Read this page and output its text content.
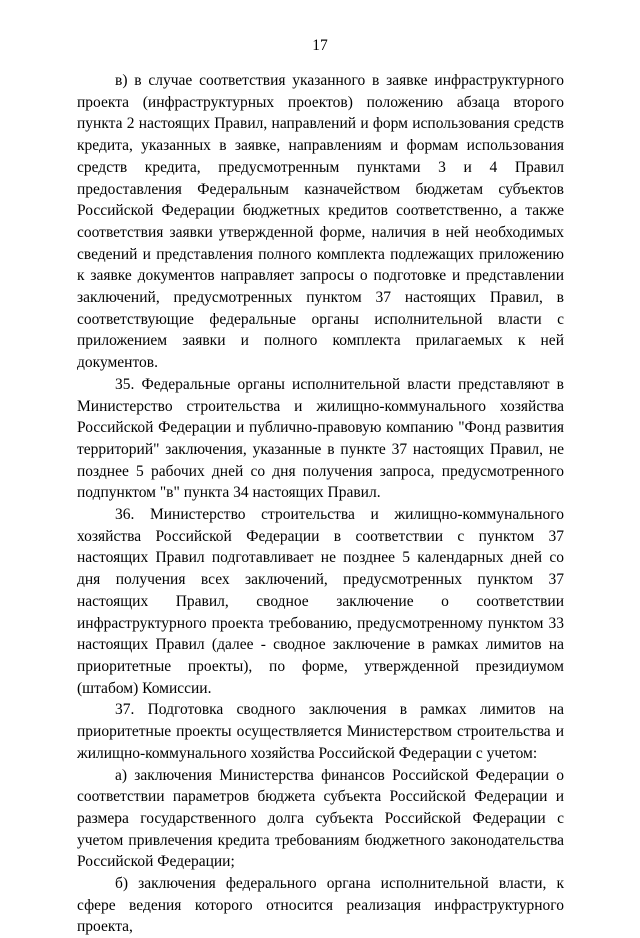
17

в) в случае соответствия указанного в заявке инфраструктурного проекта (инфраструктурных проектов) положению абзаца второго пункта 2 настоящих Правил, направлений и форм использования средств кредита, указанных в заявке, направлениям и формам использования средств кредита, предусмотренным пунктами 3 и 4 Правил предоставления Федеральным казначейством бюджетам субъектов Российской Федерации бюджетных кредитов соответственно, а также соответствия заявки утвержденной форме, наличия в ней необходимых сведений и представления полного комплекта подлежащих приложению к заявке документов направляет запросы о подготовке и представлении заключений, предусмотренных пунктом 37 настоящих Правил, в соответствующие федеральные органы исполнительной власти с приложением заявки и полного комплекта прилагаемых к ней документов.

35. Федеральные органы исполнительной власти представляют в Министерство строительства и жилищно-коммунального хозяйства Российской Федерации и публично-правовую компанию "Фонд развития территорий" заключения, указанные в пункте 37 настоящих Правил, не позднее 5 рабочих дней со дня получения запроса, предусмотренного подпунктом "в" пункта 34 настоящих Правил.

36. Министерство строительства и жилищно-коммунального хозяйства Российской Федерации в соответствии с пунктом 37 настоящих Правил подготавливает не позднее 5 календарных дней со дня получения всех заключений, предусмотренных пунктом 37 настоящих Правил, сводное заключение о соответствии инфраструктурного проекта требованию, предусмотренному пунктом 33 настоящих Правил (далее - сводное заключение в рамках лимитов на приоритетные проекты), по форме, утвержденной президиумом (штабом) Комиссии.

37. Подготовка сводного заключения в рамках лимитов на приоритетные проекты осуществляется Министерством строительства и жилищно-коммунального хозяйства Российской Федерации с учетом:

а) заключения Министерства финансов Российской Федерации о соответствии параметров бюджета субъекта Российской Федерации и размера государственного долга субъекта Российской Федерации с учетом привлечения кредита требованиям бюджетного законодательства Российской Федерации;

б) заключения федерального органа исполнительной власти, к сфере ведения которого относится реализация инфраструктурного проекта,
